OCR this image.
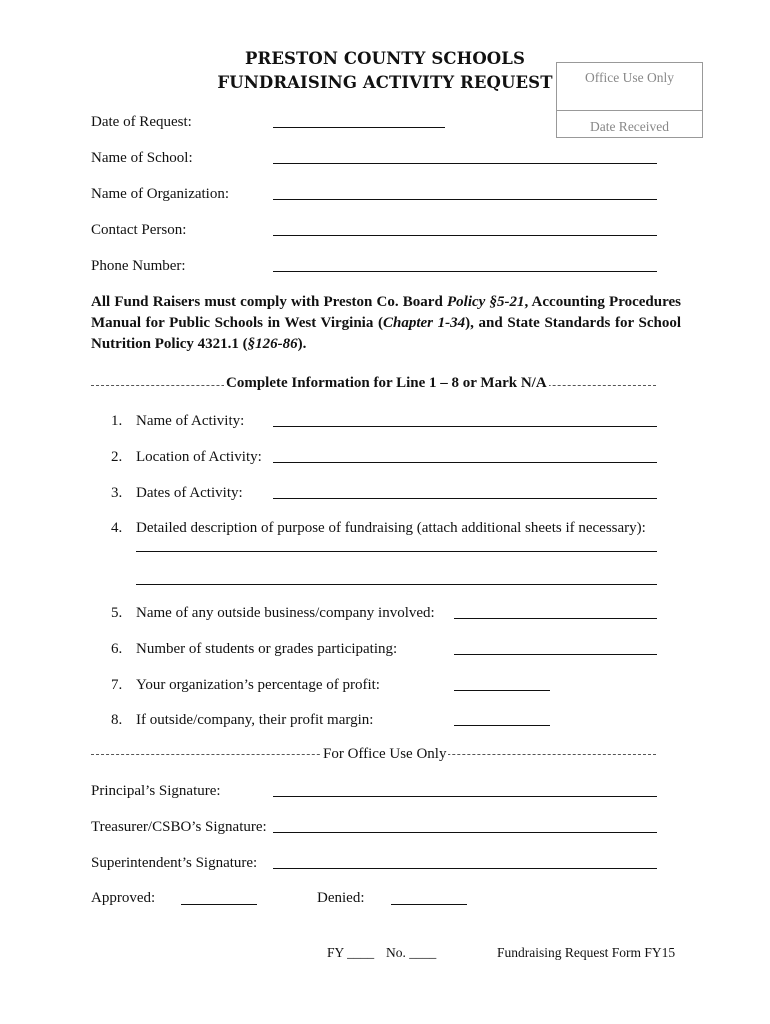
PRESTON COUNTY SCHOOLS
FUNDRAISING ACTIVITY REQUEST	Office Use Only
Date Received
Date of Request:
Name of School:
Name of Organization:
Contact Person:
Phone Number:
All Fund Raisers must comply with Preston Co. Board Policy §5-21, Accounting Procedures Manual for Public Schools in West Virginia (Chapter 1-34), and State Standards for School Nutrition Policy 4321.1 (§126-86).
Complete Information for Line 1 – 8 or Mark N/A
1. Name of Activity:
2. Location of Activity:
3. Dates of Activity:
4. Detailed description of purpose of fundraising (attach additional sheets if necessary):
5. Name of any outside business/company involved:
6. Number of students or grades participating:
7. Your organization’s percentage of profit:
8. If outside/company, their profit margin:
For Office Use Only
Principal’s Signature:
Treasurer/CSBO’s Signature:
Superintendent’s Signature:
Approved:	Denied:
FY ____ No. ____	Fundraising Request Form FY15
